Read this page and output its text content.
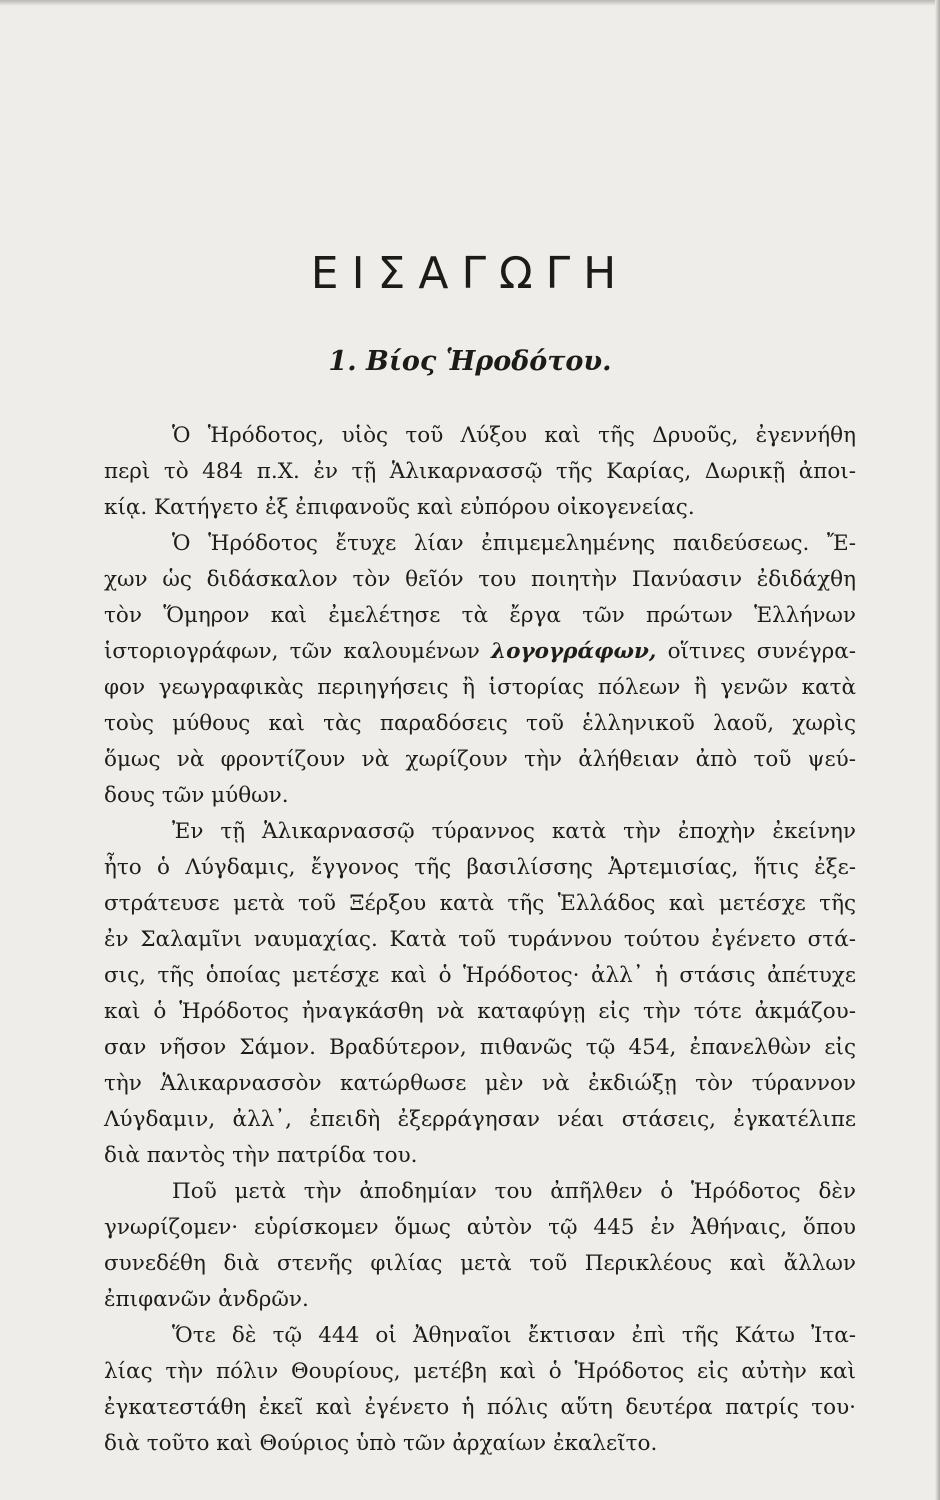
ΕΙΣΑΓΩΓΗ
1. Βίος Ἡροδότου.
Ὁ Ἡρόδοτος, υἱὸς τοῦ Λύξου καὶ τῆς Δρυοῦς, ἐγεννήθη
περὶ τὸ 484 π.Χ. ἐν τῇ Ἁλικαρνασσῷ τῆς Καρίας, Δωρικῇ ἀποι-
κίᾳ. Κατήγετο ἐξ ἐπιφανοῦς καὶ εὐπόρου οἰκογενείας.
Ὁ Ἡρόδοτος ἔτυχε λίαν ἐπιμεμελημένης παιδεύσεως. Ἔ-
χων ὡς διδάσκαλον τὸν θεῖόν του ποιητὴν Πανύασιν ἐδιδάχθη
τὸν Ὅμηρον καὶ ἐμελέτησε τὰ ἔργα τῶν πρώτων Ἑλλήνων
ἱστοριογράφων, τῶν καλουμένων λογογράφων, οἵτινες συνέγρα-
φον γεωγραφικὰς περιηγήσεις ἢ ἱστορίας πόλεων ἢ γενῶν κατὰ
τοὺς μύθους καὶ τὰς παραδόσεις τοῦ ἑλληνικοῦ λαοῦ, χωρὶς
ὅμως νὰ φροντίζουν νὰ χωρίζουν τὴν ἀλήθειαν ἀπὸ τοῦ ψεύ-
δους τῶν μύθων.
Ἐν τῇ Ἁλικαρνασσῷ τύραννος κατὰ τὴν ἐποχὴν ἐκείνην
ἦτο ὁ Λύγδαμις, ἔγγονος τῆς βασιλίσσης Ἀρτεμισίας, ἥτις ἐξε-
στράτευσε μετὰ τοῦ Ξέρξου κατὰ τῆς Ἑλλάδος καὶ μετέσχε τῆς
ἐν Σαλαμῖνι ναυμαχίας. Κατὰ τοῦ τυράννου τούτου ἐγένετο στά-
σις, τῆς ὁποίας μετέσχε καὶ ὁ Ἡρόδοτος· ἀλλ᾽ ἡ στάσις ἀπέτυχε
καὶ ὁ Ἡρόδοτος ἠναγκάσθη νὰ καταφύγῃ εἰς τὴν τότε ἀκμάζου-
σαν νῆσον Σάμον. Βραδύτερον, πιθανῶς τῷ 454, ἐπανελθὼν εἰς
τὴν Ἁλικαρνασσὸν κατώρθωσε μὲν νὰ ἐκδιώξῃ τὸν τύραννον
Λύγδαμιν, ἀλλ᾽, ἐπειδὴ ἐξερράγησαν νέαι στάσεις, ἐγκατέλιπε
διὰ παντὸς τὴν πατρίδα του.
Ποῦ μετὰ τὴν ἀποδημίαν του ἀπῆλθεν ὁ Ἡρόδοτος δὲν
γνωρίζομεν· εὑρίσκομεν ὅμως αὐτὸν τῷ 445 ἐν Ἀθήναις, ὅπου
συνεδέθη διὰ στενῆς φιλίας μετὰ τοῦ Περικλέους καὶ ἄλλων
ἐπιφανῶν ἀνδρῶν.
Ὅτε δὲ τῷ 444 οἱ Ἀθηναῖοι ἔκτισαν ἐπὶ τῆς Κάτω Ἰτα-
λίας τὴν πόλιν Θουρίους, μετέβη καὶ ὁ Ἡρόδοτος εἰς αὐτὴν καὶ
ἐγκατεστάθη ἐκεῖ καὶ ἐγένετο ἡ πόλις αὕτη δευτέρα πατρίς του·
διὰ τοῦτο καὶ Θούριος ὑπὸ τῶν ἀρχαίων ἐκαλεῖτο.
